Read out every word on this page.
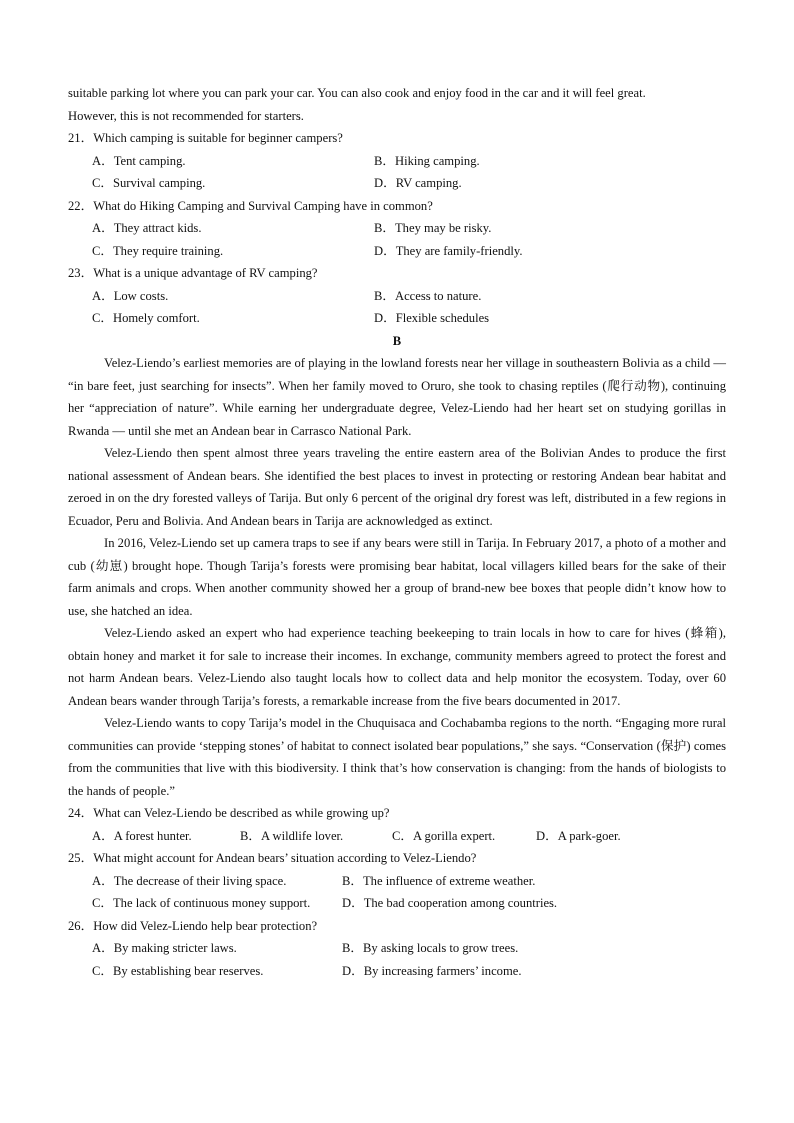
suitable parking lot where you can park your car. You can also cook and enjoy food in the car and it will feel great.

However, this is not recommended for starters.

21．Which camping is suitable for beginner campers?

A．Tent camping.	B．Hiking camping.
C．Survival camping.	D．RV camping.

22．What do Hiking Camping and Survival Camping have in common?

A．They attract kids.	B．They may be risky.
C．They require training.	D．They are family-friendly.

23．What is a unique advantage of RV camping?

A．Low costs.	B．Access to nature.
C．Homely comfort.	D．Flexible schedules

B

Velez-Liendo’s earliest memories are of playing in the lowland forests near her village in southeastern Bolivia as a child — “in bare feet, just searching for insects”. When her family moved to Oruro, she took to chasing reptiles (爬行动物), continuing her “appreciation of nature”. While earning her undergraduate degree, Velez-Liendo had her heart set on studying gorillas in Rwanda — until she met an Andean bear in Carrasco National Park.

Velez-Liendo then spent almost three years traveling the entire eastern area of the Bolivian Andes to produce the first national assessment of Andean bears. She identified the best places to invest in protecting or restoring Andean bear habitat and zeroed in on the dry forested valleys of Tarija. But only 6 percent of the original dry forest was left, distributed in a few regions in Ecuador, Peru and Bolivia. And Andean bears in Tarija are acknowledged as extinct.

In 2016, Velez-Liendo set up camera traps to see if any bears were still in Tarija. In February 2017, a photo of a mother and cub (幼崽) brought hope. Though Tarija’s forests were promising bear habitat, local villagers killed bears for the sake of their farm animals and crops. When another community showed her a group of brand-new bee boxes that people didn’t know how to use, she hatched an idea.

Velez-Liendo asked an expert who had experience teaching beekeeping to train locals in how to care for hives (蜂箱), obtain honey and market it for sale to increase their incomes. In exchange, community members agreed to protect the forest and not harm Andean bears. Velez-Liendo also taught locals how to collect data and help monitor the ecosystem. Today, over 60 Andean bears wander through Tarija’s forests, a remarkable increase from the five bears documented in 2017.

Velez-Liendo wants to copy Tarija’s model in the Chuquisaca and Cochabamba regions to the north. “Engaging more rural communities can provide ‘stepping stones’ of habitat to connect isolated bear populations,” she says. “Conservation (保护) comes from the communities that live with this biodiversity. I think that’s how conservation is changing: from the hands of biologists to the hands of people.”

24．What can Velez-Liendo be described as while growing up?

A．A forest hunter.	B．A wildlife lover.	C．A gorilla expert.	D．A park-goer.

25．What might account for Andean bears’ situation according to Velez-Liendo?

A．The decrease of their living space.	B．The influence of extreme weather.
C．The lack of continuous money support.	D．The bad cooperation among countries.

26．How did Velez-Liendo help bear protection?

A．By making stricter laws.	B．By asking locals to grow trees.
C．By establishing bear reserves.	D．By increasing farmers’ income.
